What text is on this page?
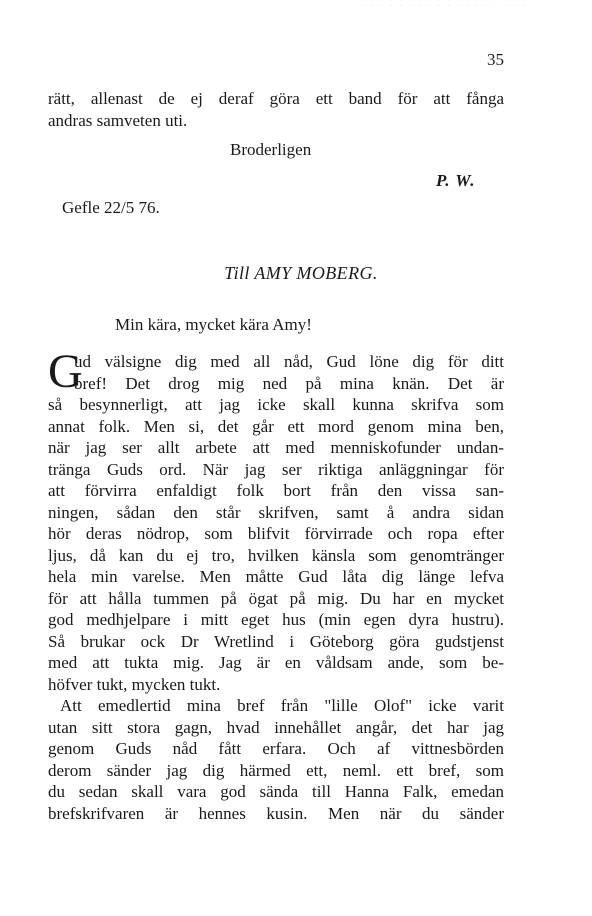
. . . . . . . . . . . . . . . . . .
35
rätt, allenast de ej deraf göra ett band för att fånga
andras samveten uti.
Broderligen
P. W.
Gefle 22/5 76.
Till AMY MOBERG.
Min kära, mycket kära Amy!
G
ud välsigne dig med all nåd, Gud löne dig för ditt
bref! Det drog mig ned på mina knän. Det är
så besynnerligt, att jag icke skall kunna skrifva som
annat folk. Men si, det går ett mord genom mina ben,
när jag ser allt arbete att med menniskofunder undan-
tränga Guds ord. När jag ser riktiga anläggningar för
att förvirra enfaldigt folk bort från den vissa san-
ningen, sådan den står skrifven, samt å andra sidan
hör deras nödrop, som blifvit förvirrade och ropa efter
ljus, då kan du ej tro, hvilken känsla som genomtränger
hela min varelse. Men måtte Gud låta dig länge lefva
för att hålla tummen på ögat på mig. Du har en mycket
god medhjelpare i mitt eget hus (min egen dyra hustru).
Så brukar ock Dr Wretlind i Göteborg göra gudstjenst
med att tukta mig. Jag är en våldsam ande, som be-
höfver tukt, mycken tukt.
Att emedlertid mina bref från "lille Olof" icke varit
utan sitt stora gagn, hvad innehållet angår, det har jag
genom Guds nåd fått erfara. Och af vittnesbörden
derom sänder jag dig härmed ett, neml. ett bref, som
du sedan skall vara god sända till Hanna Falk, emedan
brefskrifvaren är hennes kusin. Men när du sänder
